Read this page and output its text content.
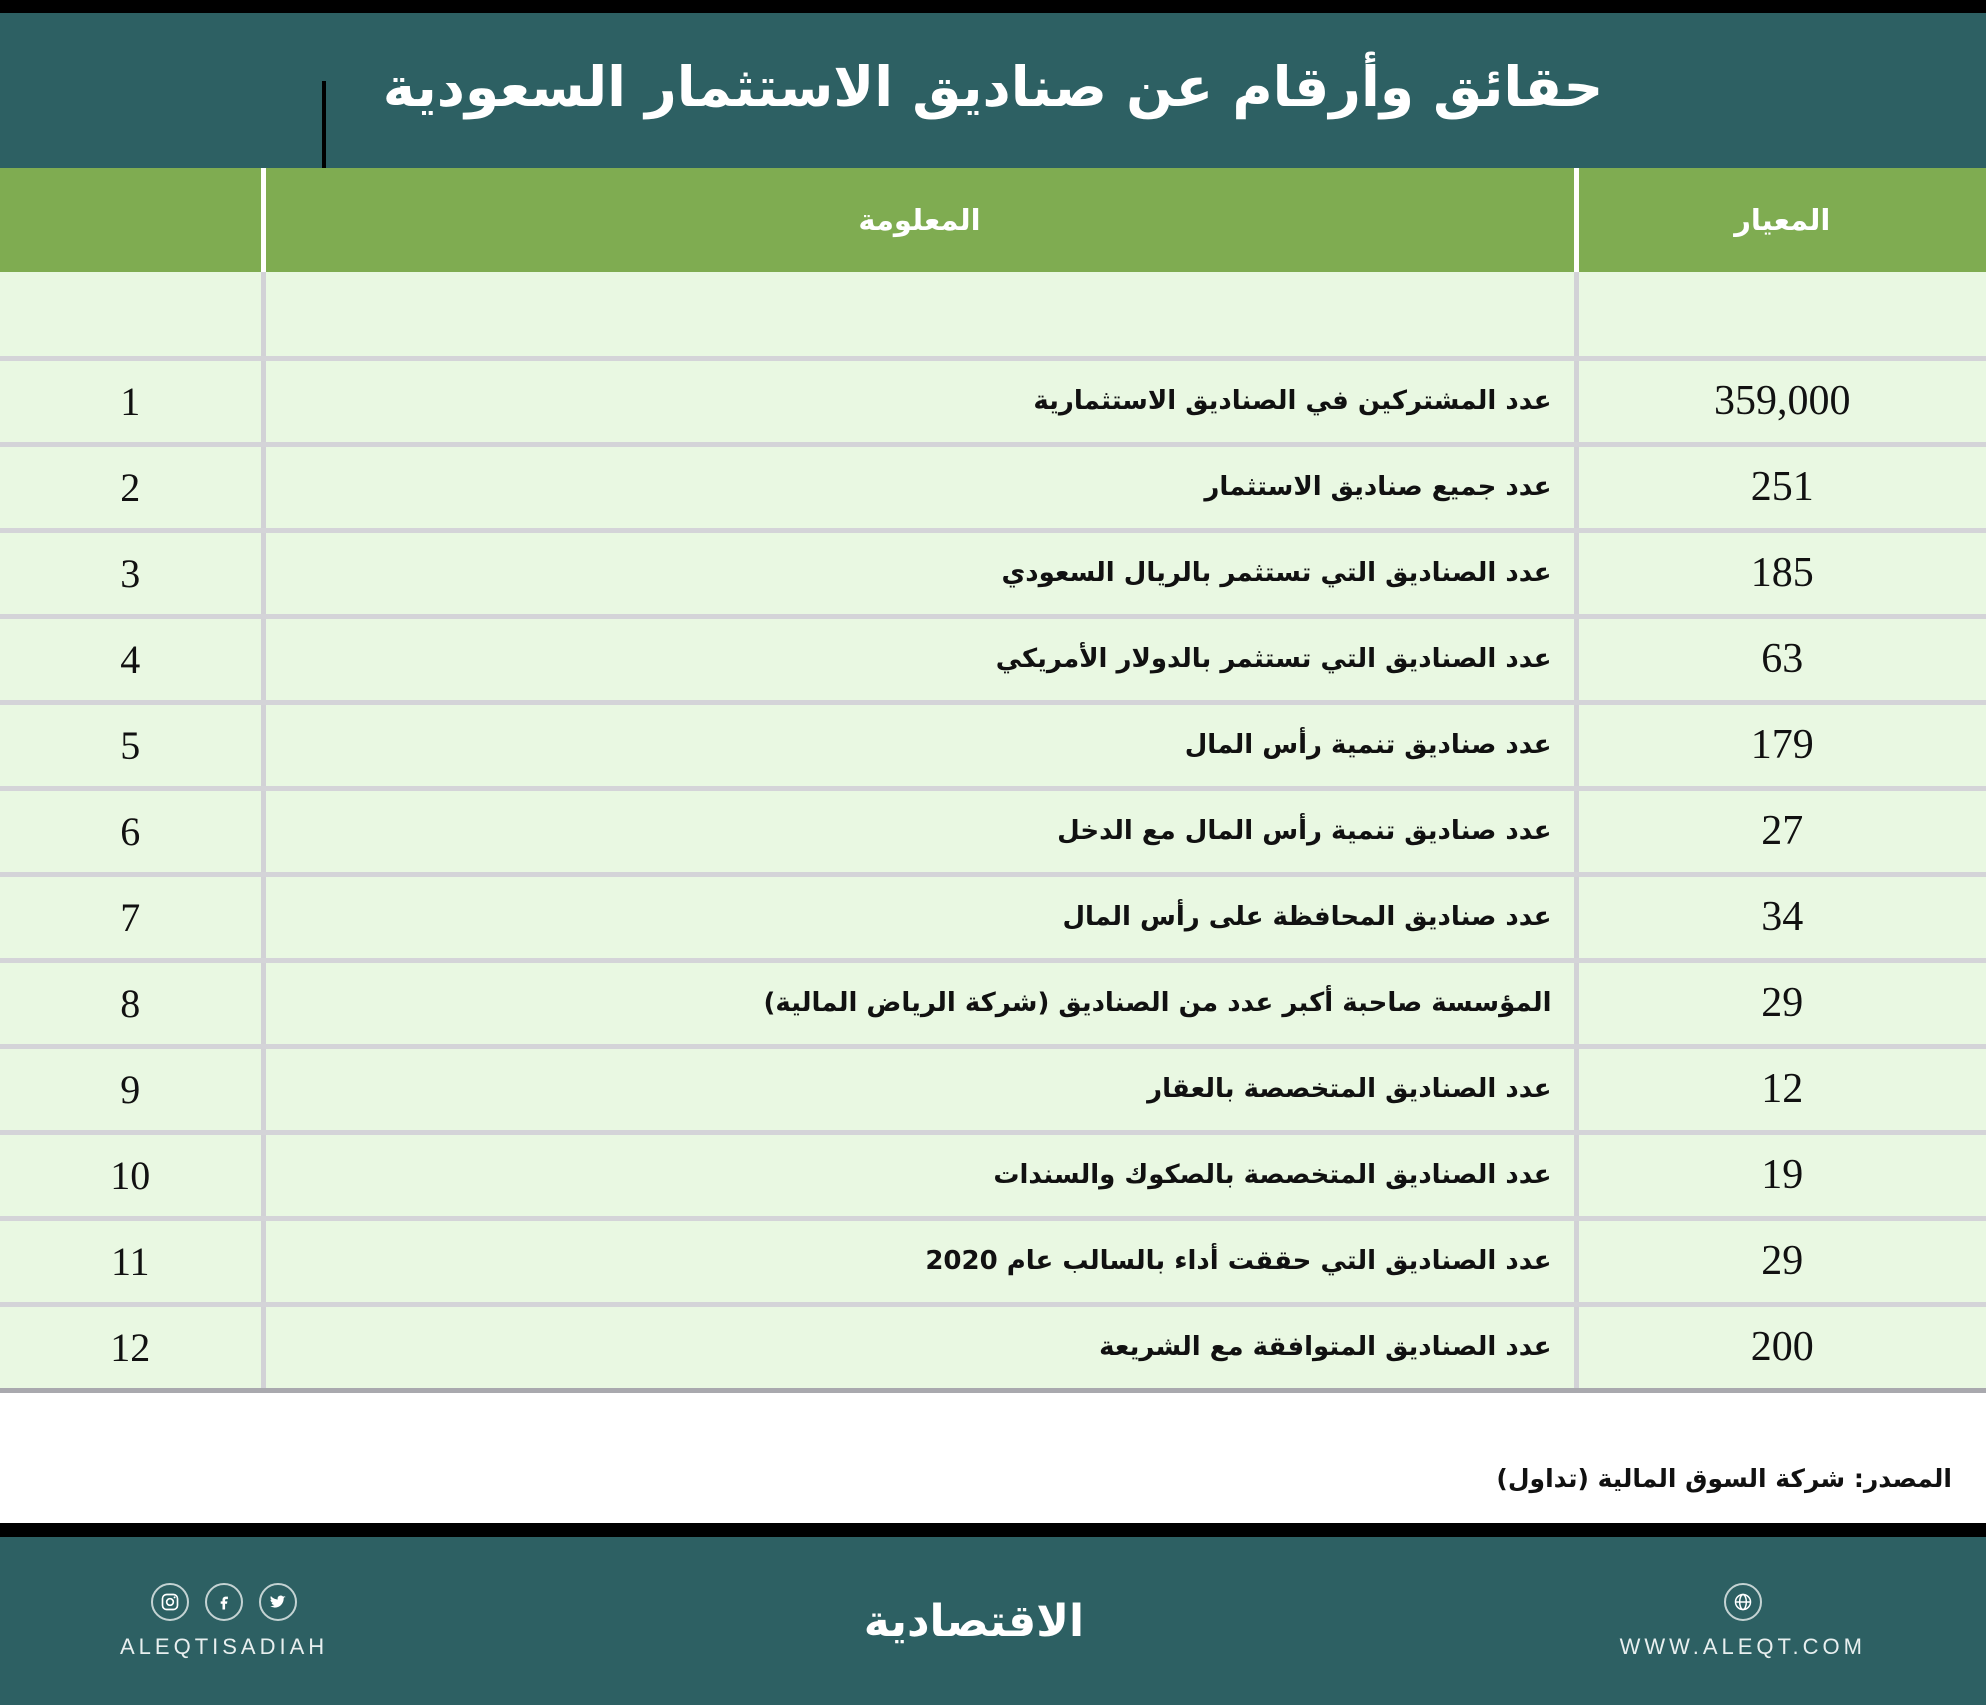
حقائق وأرقام عن صناديق الاستثمار السعودية
المعيار	المعلومة	

359,000	عدد المشتركين في الصناديق الاستثمارية	1
251	عدد جميع صناديق الاستثمار	2
185	عدد الصناديق التي تستثمر بالريال السعودي	3
63	عدد الصناديق التي تستثمر بالدولار الأمريكي	4
179	عدد صناديق تنمية رأس المال	5
27	عدد صناديق تنمية رأس المال مع الدخل	6
34	عدد صناديق المحافظة على رأس المال	7
29	المؤسسة صاحبة أكبر عدد من الصناديق (شركة الرياض المالية)	8
12	عدد الصناديق المتخصصة بالعقار	9
19	عدد الصناديق المتخصصة بالصكوك والسندات	10
29	عدد الصناديق التي حققت أداء بالسالب عام 2020	11
200	عدد الصناديق المتوافقة مع الشريعة	12
المصدر: شركة السوق المالية (تداول)
ALEQTISADIAH	الاقتصادية	WWW.ALEQT.COM
